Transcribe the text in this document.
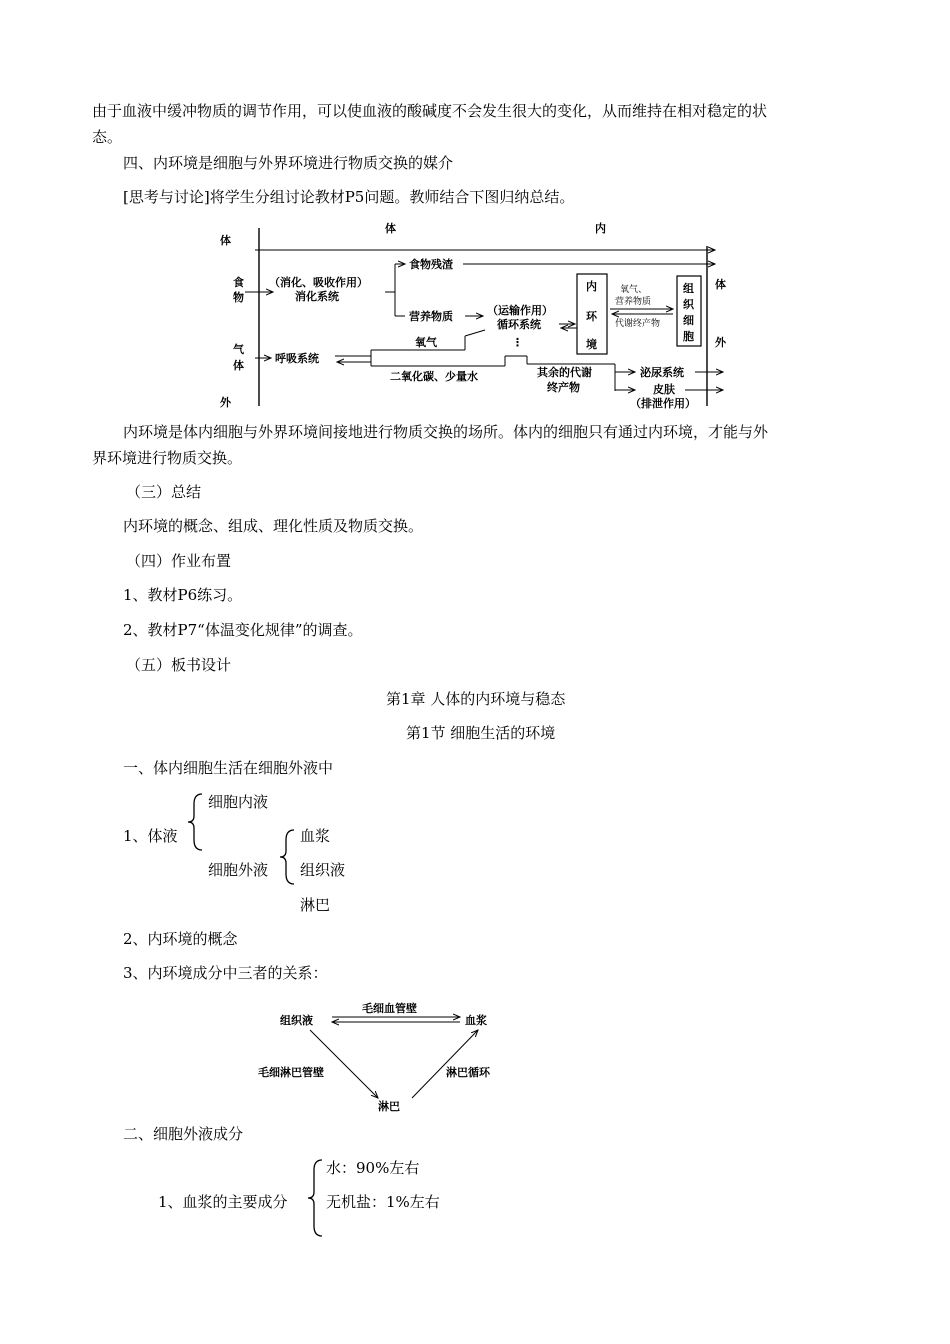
由于血液中缓冲物质的调节作用，可以使血液的酸碱度不会发生很大的变化，从而维持在相对稳定的状
态。
四、内环境是细胞与外界环境进行物质交换的媒介
[思考与讨论]将学生分组讨论教材P5问题。教师结合下图归纳总结。
体
体	内
外
食
物
气
体
（消化、吸收作用）
消化系统
食物残渣
营养物质	（运输作用）
循环系统
内
环
境
氧气、
营养物质
代谢终产物
组
织
细
胞
体
外
呼吸系统
氧气
二氧化碳、少量水
⋮
其余的代谢
终产物
泌尿系统
皮肤
（排泄作用）
内环境是体内细胞与外界环境间接地进行物质交换的场所。体内的细胞只有通过内环境，才能与外
界环境进行物质交换。
（三）总结
内环境的概念、组成、理化性质及物质交换。
（四）作业布置
1、教材P6练习。
2、教材P7“体温变化规律”的调查。
（五）板书设计
第1章 人体的内环境与稳态
第1节 细胞生活的环境
一、体内细胞生活在细胞外液中
细胞内液
1、体液
细胞外液
血浆
组织液
淋巴
2、内环境的概念
3、内环境成分中三者的关系：
毛细血管壁
组织液	血浆
淋巴
毛细淋巴管壁	淋巴循环
二、细胞外液成分
水：90%左右
1、血浆的主要成分	无机盐：1%左右
